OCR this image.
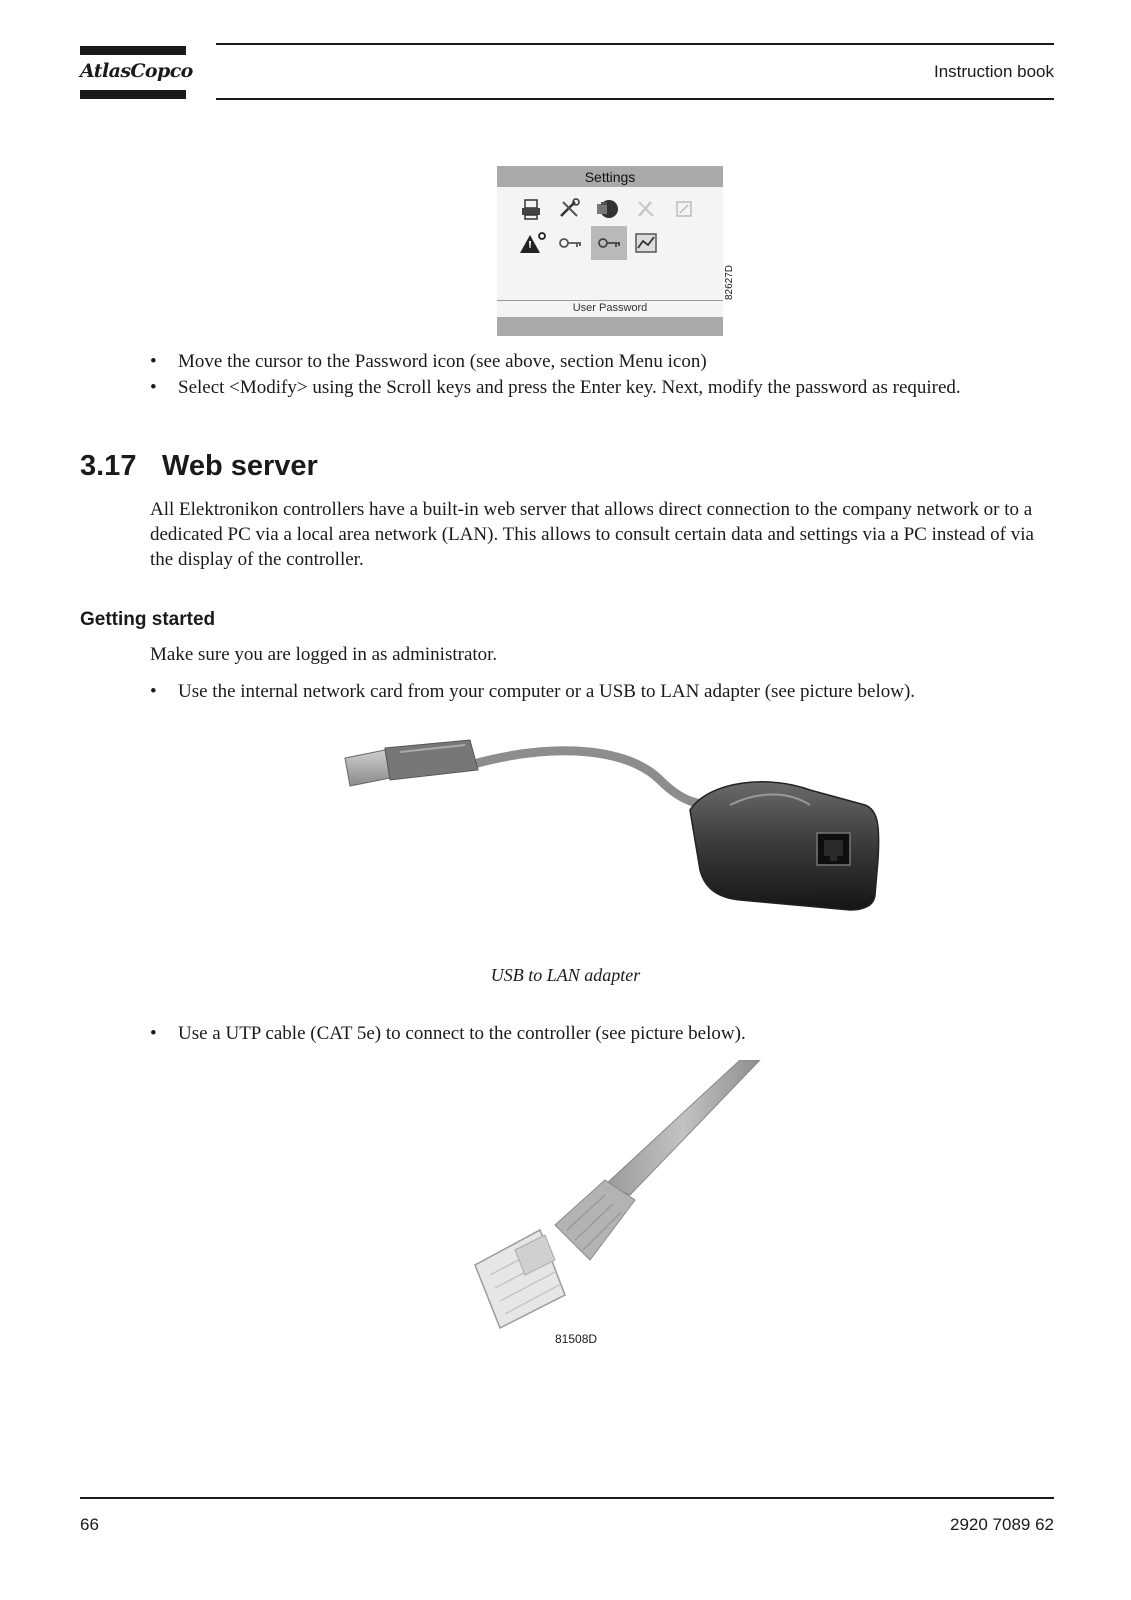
AtlasCopco	Instruction book
Settings
User Password
82627D
• Move the cursor to the Password icon (see above, section Menu icon)
• Select <Modify> using the Scroll keys and press the Enter key. Next, modify the password as required.
3.17 Web server
All Elektronikon controllers have a built-in web server that allows direct connection to the company network or to a dedicated PC via a local area network (LAN). This allows to consult certain data and settings via a PC instead of via the display of the controller.
Getting started
Make sure you are logged in as administrator.
• Use the internal network card from your computer or a USB to LAN adapter (see picture below).
81507D
USB to LAN adapter
• Use a UTP cable (CAT 5e) to connect to the controller (see picture below).
81508D
66	2920 7089 62
